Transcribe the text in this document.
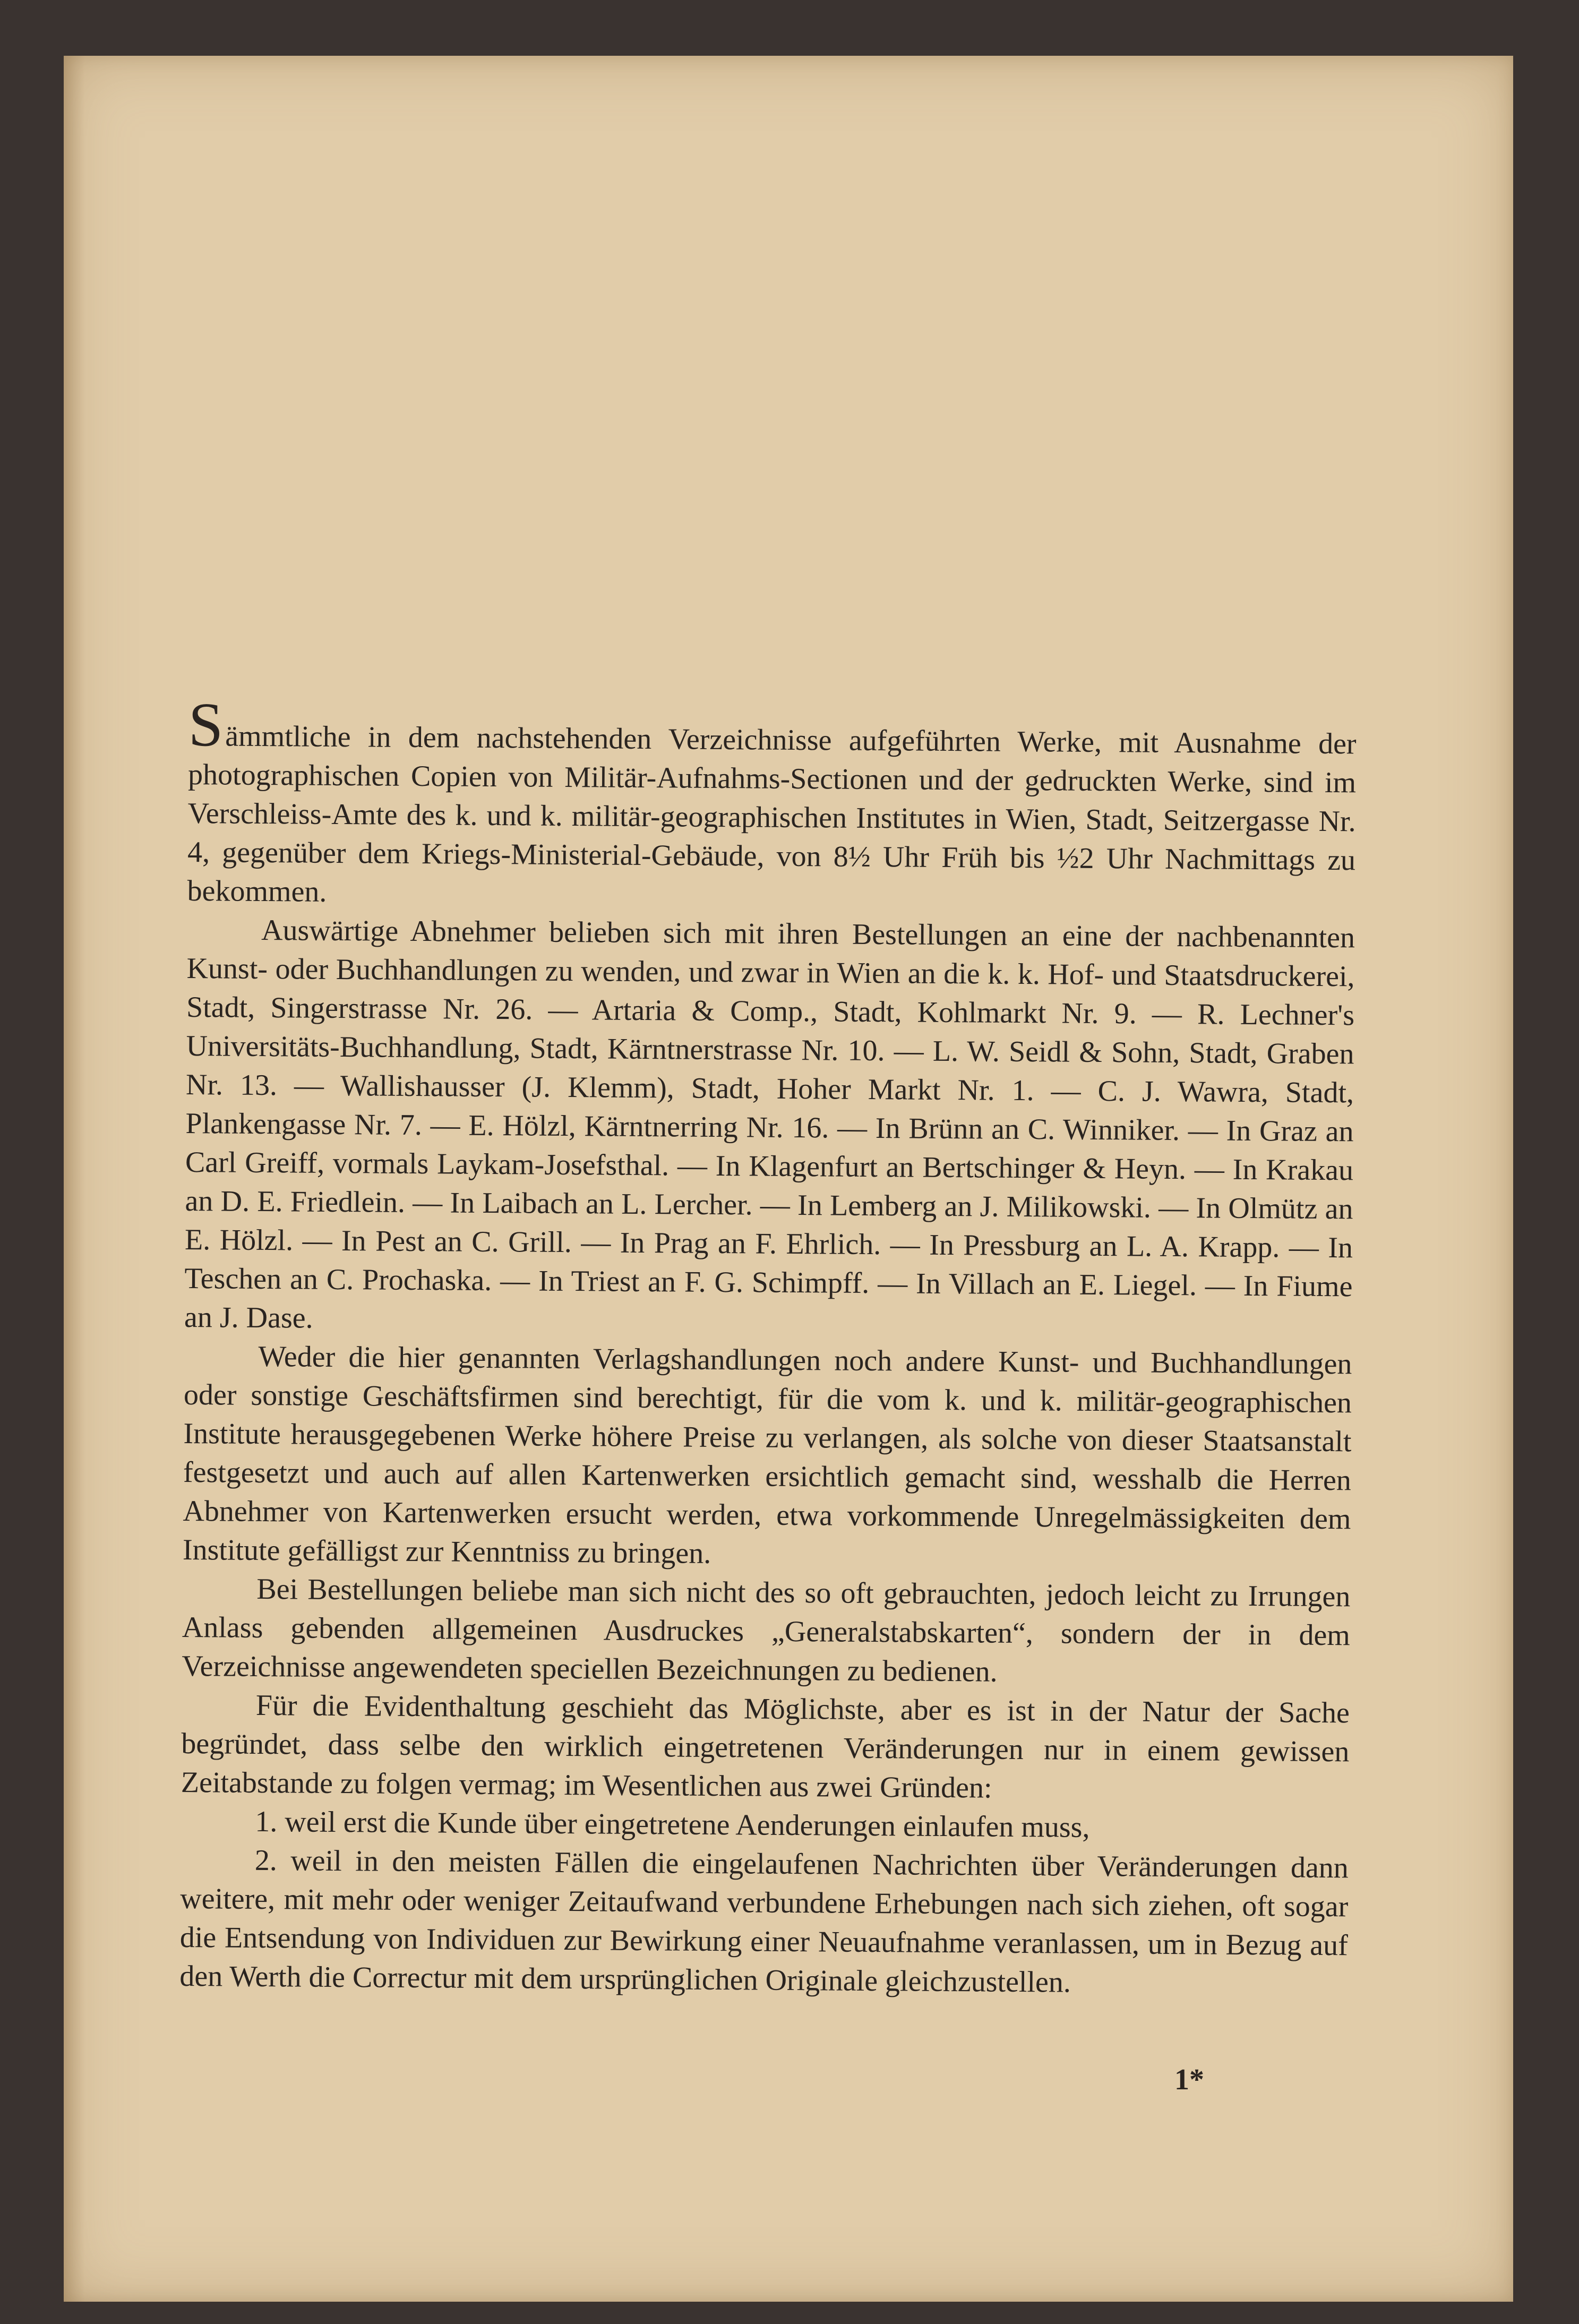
Sämmtliche in dem nachstehenden Verzeichnisse aufgeführten Werke, mit Ausnahme der photographischen Copien von Militär-Aufnahms-Sectionen und der gedruckten Werke, sind im Verschleiss-Amte des k. und k. militär-geographischen Institutes in Wien, Stadt, Seitzergasse Nr. 4, gegenüber dem Kriegs-Ministerial-Gebäude, von 8½ Uhr Früh bis ½2 Uhr Nachmittags zu bekommen.

Auswärtige Abnehmer belieben sich mit ihren Bestellungen an eine der nachbenannten Kunst- oder Buchhandlungen zu wenden, und zwar in Wien an die k. k. Hof- und Staatsdruckerei, Stadt, Singerstrasse Nr. 26. — Artaria & Comp., Stadt, Kohlmarkt Nr. 9. — R. Lechner's Universitäts-Buchhandlung, Stadt, Kärntnerstrasse Nr. 10. — L. W. Seidl & Sohn, Stadt, Graben Nr. 13. — Wallishausser (J. Klemm), Stadt, Hoher Markt Nr. 1. — C. J. Wawra, Stadt, Plankengasse Nr. 7. — E. Hölzl, Kärntnerring Nr. 16. — In Brünn an C. Winniker. — In Graz an Carl Greiff, vormals Laykam-Josefsthal. — In Klagenfurt an Bertschinger & Heyn. — In Krakau an D. E. Friedlein. — In Laibach an L. Lercher. — In Lemberg an J. Milikowski. — In Olmütz an E. Hölzl. — In Pest an C. Grill. — In Prag an F. Ehrlich. — In Pressburg an L. A. Krapp. — In Teschen an C. Prochaska. — In Triest an F. G. Schimpff. — In Villach an E. Liegel. — In Fiume an J. Dase.

Weder die hier genannten Verlagshandlungen noch andere Kunst- und Buchhandlungen oder sonstige Geschäftsfirmen sind berechtigt, für die vom k. und k. militär-geographischen Institute herausgegebenen Werke höhere Preise zu verlangen, als solche von dieser Staatsanstalt festgesetzt und auch auf allen Kartenwerken ersichtlich gemacht sind, wesshalb die Herren Abnehmer von Kartenwerken ersucht werden, etwa vorkommende Unregelmässigkeiten dem Institute gefälligst zur Kenntniss zu bringen.

Bei Bestellungen beliebe man sich nicht des so oft gebrauchten, jedoch leicht zu Irrungen Anlass gebenden allgemeinen Ausdruckes „Generalstabskarten“, sondern der in dem Verzeichnisse angewendeten speciellen Bezeichnungen zu bedienen.

Für die Evidenthaltung geschieht das Möglichste, aber es ist in der Natur der Sache begründet, dass selbe den wirklich eingetretenen Veränderungen nur in einem gewissen Zeitabstande zu folgen vermag; im Wesentlichen aus zwei Gründen:

1. weil erst die Kunde über eingetretene Aenderungen einlaufen muss,

2. weil in den meisten Fällen die eingelaufenen Nachrichten über Veränderungen dann weitere, mit mehr oder weniger Zeitaufwand verbundene Erhebungen nach sich ziehen, oft sogar die Entsendung von Individuen zur Bewirkung einer Neuaufnahme veranlassen, um in Bezug auf den Werth die Correctur mit dem ursprünglichen Originale gleichzustellen.

1*
